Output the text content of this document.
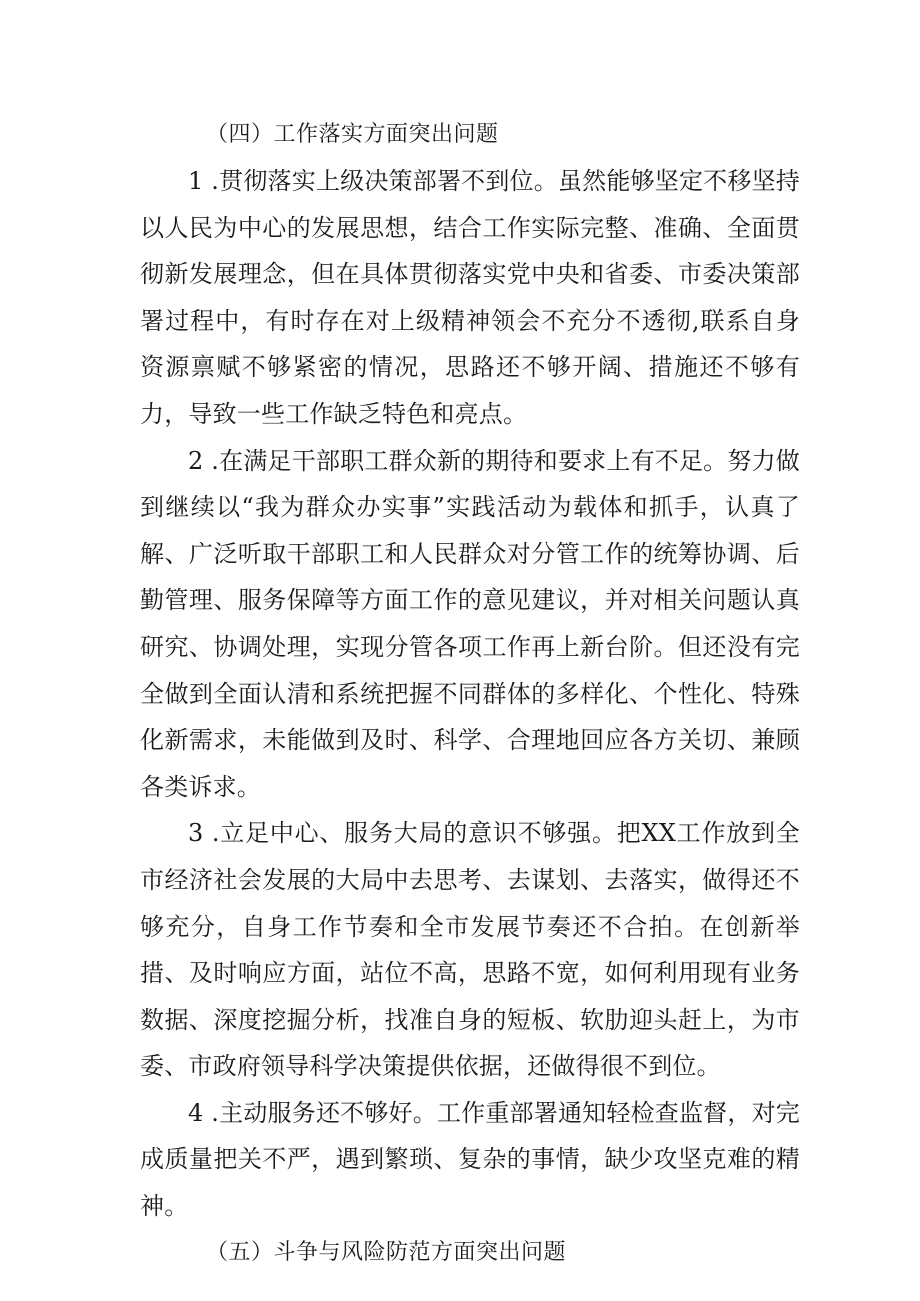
（四）工作落实方面突出问题

1 .贯彻落实上级决策部署不到位。虽然能够坚定不移坚持以人民为中心的发展思想，结合工作实际完整、准确、全面贯彻新发展理念，但在具体贯彻落实党中央和省委、市委决策部署过程中，有时存在对上级精神领会不充分不透彻,联系自身资源禀赋不够紧密的情况，思路还不够开阔、措施还不够有力，导致一些工作缺乏特色和亮点。

2 .在满足干部职工群众新的期待和要求上有不足。努力做到继续以“我为群众办实事”实践活动为载体和抓手，认真了解、广泛听取干部职工和人民群众对分管工作的统筹协调、后勤管理、服务保障等方面工作的意见建议，并对相关问题认真研究、协调处理，实现分管各项工作再上新台阶。但还没有完全做到全面认清和系统把握不同群体的多样化、个性化、特殊化新需求，未能做到及时、科学、合理地回应各方关切、兼顾各类诉求。

3 .立足中心、服务大局的意识不够强。把XX工作放到全市经济社会发展的大局中去思考、去谋划、去落实，做得还不够充分，自身工作节奏和全市发展节奏还不合拍。在创新举措、及时响应方面，站位不高，思路不宽，如何利用现有业务数据、深度挖掘分析，找准自身的短板、软肋迎头赶上，为市委、市政府领导科学决策提供依据，还做得很不到位。

4 .主动服务还不够好。工作重部署通知轻检查监督，对完成质量把关不严，遇到繁琐、复杂的事情，缺少攻坚克难的精神。

（五）斗争与风险防范方面突出问题
